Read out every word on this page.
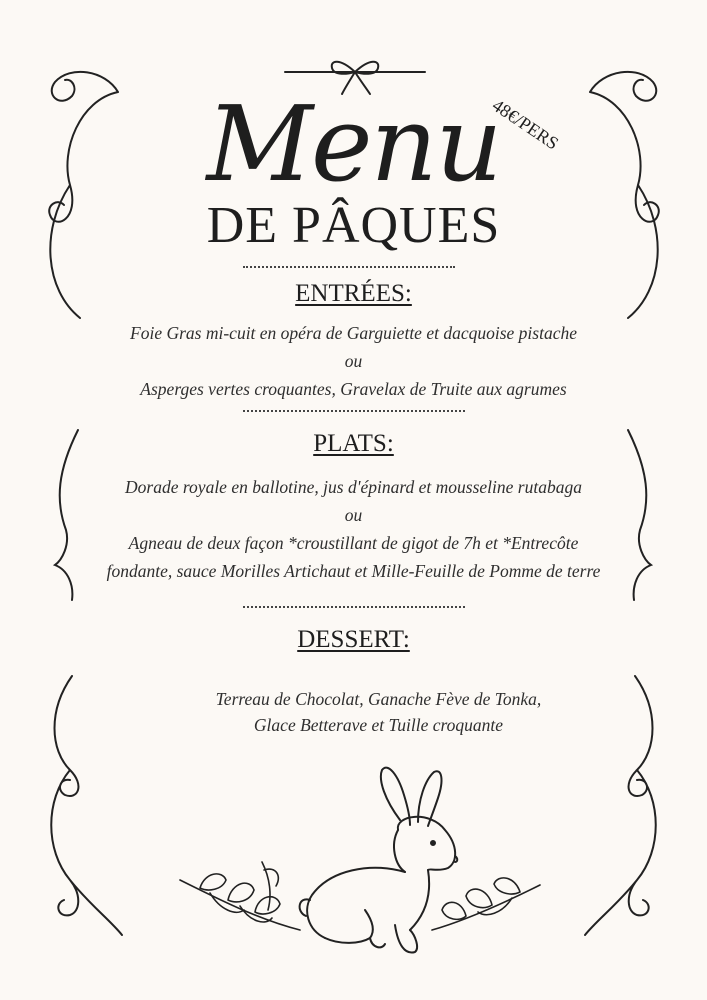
Menu
DE PÂQUES
48€/PERS
ENTRÉES:
Foie Gras mi-cuit en opéra de Garguiette et dacquoise pistache
ou
Asperges vertes croquantes, Gravelax de Truite aux agrumes
PLATS:
Dorade royale en ballotine, jus d'épinard et mousseline rutabaga
ou
Agneau de deux façon *croustillant de gigot de 7h et *Entrecôte
fondante, sauce Morilles Artichaut et Mille-Feuille de Pomme de terre
DESSERT:
Terreau de Chocolat, Ganache Fève de Tonka,
Glace Betterave et Tuille croquante
